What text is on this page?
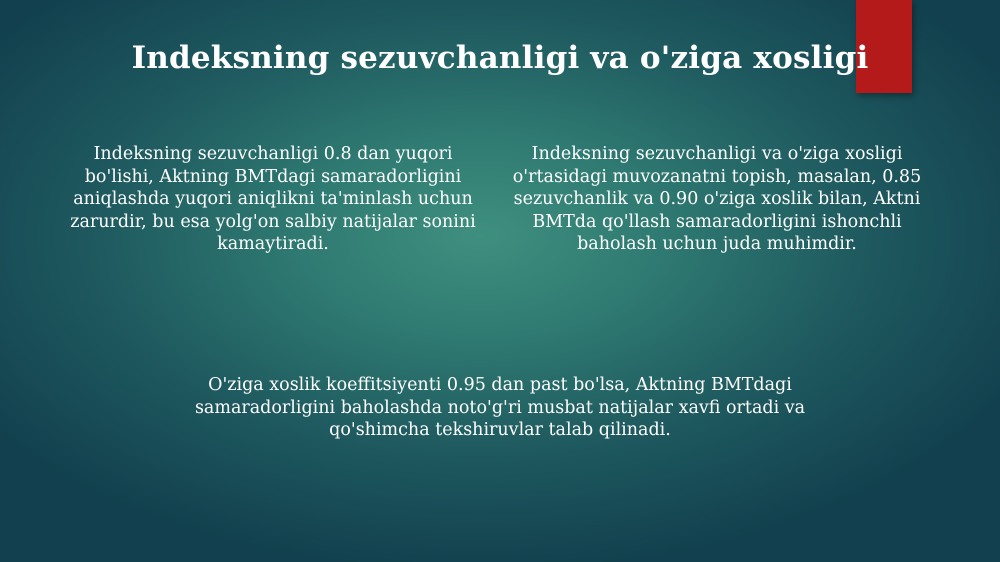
Indeksning sezuvchanligi va o'ziga xosligi

Indeksning sezuvchanligi 0.8 dan yuqori bo'lishi, Aktning BMTdagi samaradorligini aniqlashda yuqori aniqlikni ta'minlash uchun zarurdir, bu esa yolg'on salbiy natijalar sonini kamaytiradi.

Indeksning sezuvchanligi va o'ziga xosligi o'rtasidagi muvozanatni topish, masalan, 0.85 sezuvchanlik va 0.90 o'ziga xoslik bilan, Aktni BMTda qo'llash samaradorligini ishonchli baholash uchun juda muhimdir.

O'ziga xoslik koeffitsiyenti 0.95 dan past bo'lsa, Aktning BMTdagi samaradorligini baholashda noto'g'ri musbat natijalar xavfi ortadi va qo'shimcha tekshiruvlar talab qilinadi.
